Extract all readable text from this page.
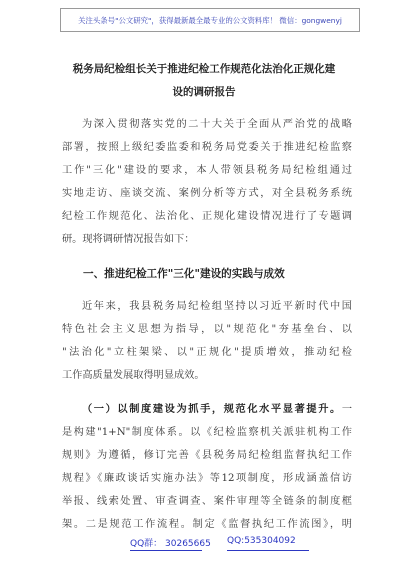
关注头条号"公文研究"，获得最新最全最专业的公文资料库！ 微信：gongwenyj
税务局纪检组长关于推进纪检工作规范化法治化正规化建
设的调研报告
为深入贯彻落实党的二十大关于全面从严治党的战略
部署，按照上级纪委监委和税务局党委关于推进纪检监察
工作"三化"建设的要求，本人带领县税务局纪检组通过
实地走访、座谈交流、案例分析等方式，对全县税务系统
纪检工作规范化、法治化、正规化建设情况进行了专题调
研。现将调研情况报告如下：
一、推进纪检工作"三化"建设的实践与成效
近年来，我县税务局纪检组坚持以习近平新时代中国
特色社会主义思想为指导，以"规范化"夯基垒台、以
"法治化"立柱架梁、以"正规化"提质增效，推动纪检
工作高质量发展取得明显成效。
（一）以制度建设为抓手，规范化水平显著提升。一
是构建"1+N"制度体系。以《纪检监察机关派驻机构工作
规则》为遵循，修订完善《县税务局纪检组监督执纪工作
规程》《廉政谈话实施办法》等12项制度，形成涵盖信访
举报、线索处置、审查调查、案件审理等全链条的制度框
架。二是规范工作流程。制定《监督执纪工作流图》，明
QQ群： 30265665 QQ:535304092
